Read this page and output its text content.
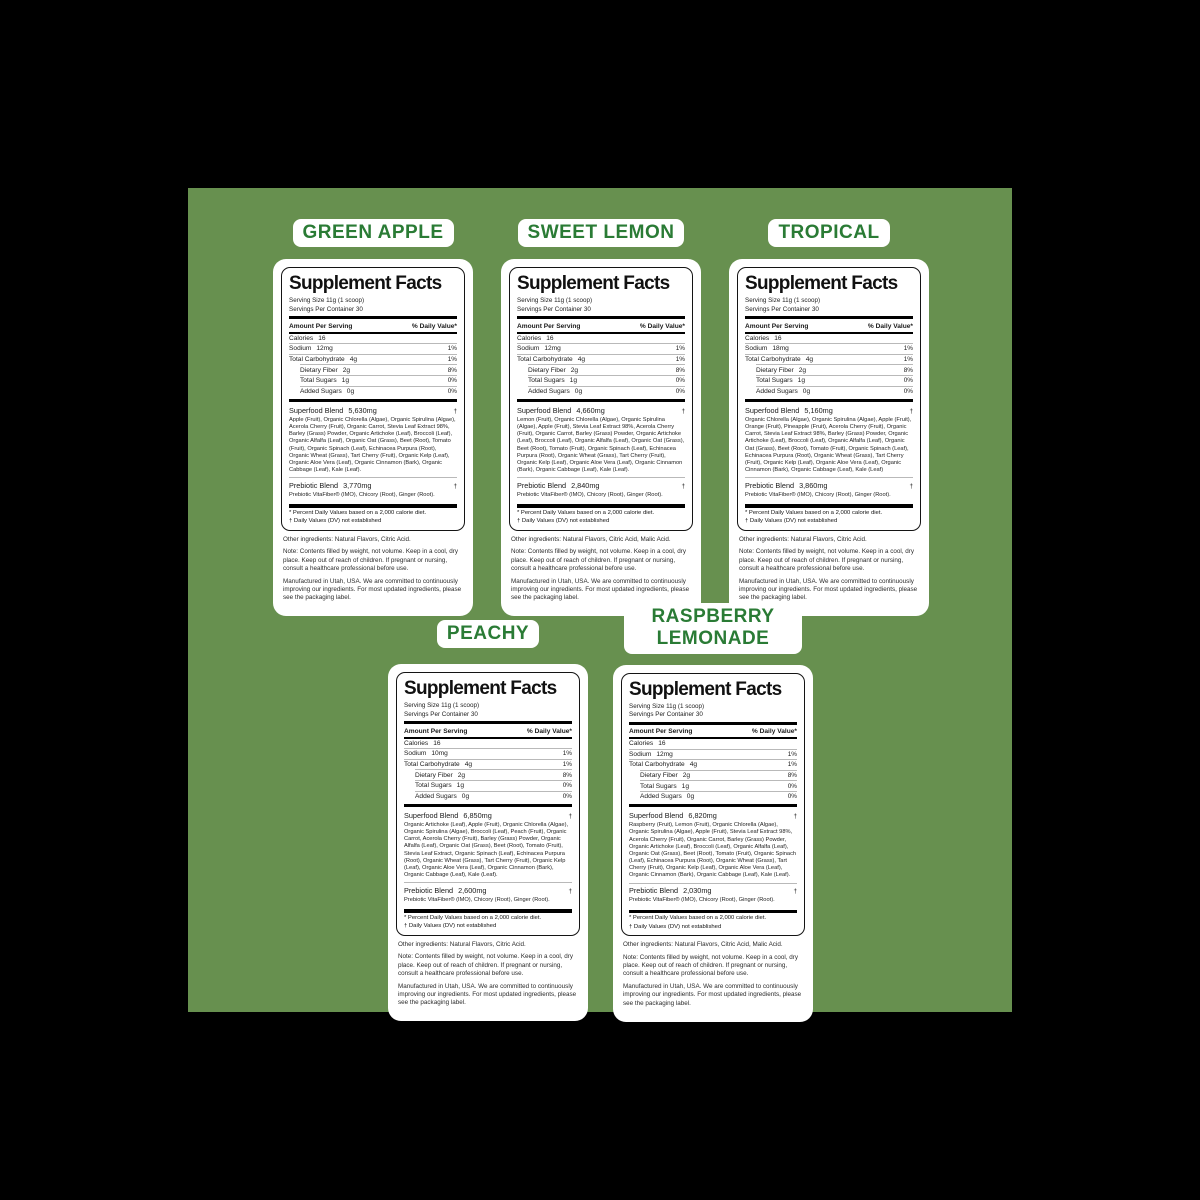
GREEN APPLE
Supplement Facts
Serving Size 11g (1 scoop)
Servings Per Container 30
Amount Per Serving	% Daily Value*
Calories 16
Sodium 12mg	1%
Total Carbohydrate 4g	1%
Dietary Fiber 2g	8%
Total Sugars 1g	0%
Added Sugars 0g	0%
Superfood Blend 5,630mg	†
Apple (Fruit), Organic Chlorella (Algae), Organic Spirulina (Algae), Acerola Cherry (Fruit), Organic Carrot, Stevia Leaf Extract 98%, Barley (Grass) Powder, Organic Artichoke (Leaf), Broccoli (Leaf), Organic Alfalfa (Leaf), Organic Oat (Grass), Beet (Root), Tomato (Fruit), Organic Spinach (Leaf), Echinacea Purpura (Root), Organic Wheat (Grass), Tart Cherry (Fruit), Organic Kelp (Leaf), Organic Aloe Vera (Leaf), Organic Cinnamon (Bark), Organic Cabbage (Leaf), Kale (Leaf).
Prebiotic Blend 3,770mg	†
Prebiotic VitaFiber® (IMO), Chicory (Root), Ginger (Root).
* Percent Daily Values based on a 2,000 calorie diet.
† Daily Values (DV) not established

Other ingredients: Natural Flavors, Citric Acid.

Note: Contents filled by weight, not volume. Keep in a cool, dry place. Keep out of reach of children. If pregnant or nursing, consult a healthcare professional before use.

Manufactured in Utah, USA. We are committed to continuously improving our ingredients. For most updated ingredients, please see the packaging label.

SWEET LEMON
Supplement Facts
Serving Size 11g (1 scoop)
Servings Per Container 30
Amount Per Serving	% Daily Value*
Calories 16
Sodium 12mg	1%
Total Carbohydrate 4g	1%
Dietary Fiber 2g	8%
Total Sugars 1g	0%
Added Sugars 0g	0%
Superfood Blend 4,660mg	†
Lemon (Fruit), Organic Chlorella (Algae), Organic Spirulina (Algae), Apple (Fruit), Stevia Leaf Extract 98%, Acerola Cherry (Fruit), Organic Carrot, Barley (Grass) Powder, Organic Artichoke (Leaf), Broccoli (Leaf), Organic Alfalfa (Leaf), Organic Oat (Grass), Beet (Root), Tomato (Fruit), Organic Spinach (Leaf), Echinacea Purpura (Root), Organic Wheat (Grass), Tart Cherry (Fruit), Organic Kelp (Leaf), Organic Aloe Vera (Leaf), Organic Cinnamon (Bark), Organic Cabbage (Leaf), Kale (Leaf).
Prebiotic Blend 2,840mg	†
Prebiotic VitaFiber® (IMO), Chicory (Root), Ginger (Root).
* Percent Daily Values based on a 2,000 calorie diet.
† Daily Values (DV) not established

Other ingredients: Natural Flavors, Citric Acid, Malic Acid.

Note: Contents filled by weight, not volume. Keep in a cool, dry place. Keep out of reach of children. If pregnant or nursing, consult a healthcare professional before use.

Manufactured in Utah, USA. We are committed to continuously improving our ingredients. For most updated ingredients, please see the packaging label.

TROPICAL
Supplement Facts
Serving Size 11g (1 scoop)
Servings Per Container 30
Amount Per Serving	% Daily Value*
Calories 16
Sodium 18mg	1%
Total Carbohydrate 4g	1%
Dietary Fiber 2g	8%
Total Sugars 1g	0%
Added Sugars 0g	0%
Superfood Blend 5,160mg	†
Organic Chlorella (Algae), Organic Spirulina (Algae), Apple (Fruit), Orange (Fruit), Pineapple (Fruit), Acerola Cherry (Fruit), Organic Carrot, Stevia Leaf Extract 98%, Barley (Grass) Powder, Organic Artichoke (Leaf), Broccoli (Leaf), Organic Alfalfa (Leaf), Organic Oat (Grass), Beet (Root), Tomato (Fruit), Organic Spinach (Leaf), Echinacea Purpura (Root), Organic Wheat (Grass), Tart Cherry (Fruit), Organic Kelp (Leaf), Organic Aloe Vera (Leaf), Organic Cinnamon (Bark), Organic Cabbage (Leaf), Kale (Leaf)
Prebiotic Blend 3,860mg	†
Prebiotic VitaFiber® (IMO), Chicory (Root), Ginger (Root).
* Percent Daily Values based on a 2,000 calorie diet.
† Daily Values (DV) not established

Other ingredients: Natural Flavors, Citric Acid.

Note: Contents filled by weight, not volume. Keep in a cool, dry place. Keep out of reach of children. If pregnant or nursing, consult a healthcare professional before use.

Manufactured in Utah, USA. We are committed to continuously improving our ingredients. For most updated ingredients, please see the packaging label.

PEACHY
Supplement Facts
Serving Size 11g (1 scoop)
Servings Per Container 30
Amount Per Serving	% Daily Value*
Calories 16
Sodium 10mg	1%
Total Carbohydrate 4g	1%
Dietary Fiber 2g	8%
Total Sugars 1g	0%
Added Sugars 0g	0%
Superfood Blend 6,850mg	†
Organic Artichoke (Leaf), Apple (Fruit), Organic Chlorella (Algae), Organic Spirulina (Algae), Broccoli (Leaf), Peach (Fruit), Organic Carrot, Acerola Cherry (Fruit), Barley (Grass) Powder, Organic Alfalfa (Leaf), Organic Oat (Grass), Beet (Root), Tomato (Fruit), Stevia Leaf Extract, Organic Spinach (Leaf), Echinacea Purpura (Root), Organic Wheat (Grass), Tart Cherry (Fruit), Organic Kelp (Leaf), Organic Aloe Vera (Leaf), Organic Cinnamon (Bark), Organic Cabbage (Leaf), Kale (Leaf).
Prebiotic Blend 2,600mg	†
Prebiotic VitaFiber® (IMO), Chicory (Root), Ginger (Root).
* Percent Daily Values based on a 2,000 calorie diet.
† Daily Values (DV) not established

Other ingredients: Natural Flavors, Citric Acid.

Note: Contents filled by weight, not volume. Keep in a cool, dry place. Keep out of reach of children. If pregnant or nursing, consult a healthcare professional before use.

Manufactured in Utah, USA. We are committed to continuously improving our ingredients. For most updated ingredients, please see the packaging label.

RASPBERRY LEMONADE
Supplement Facts
Serving Size 11g (1 scoop)
Servings Per Container 30
Amount Per Serving	% Daily Value*
Calories 16
Sodium 12mg	1%
Total Carbohydrate 4g	1%
Dietary Fiber 2g	8%
Total Sugars 1g	0%
Added Sugars 0g	0%
Superfood Blend 6,820mg	†
Raspberry (Fruit), Lemon (Fruit), Organic Chlorella (Algae), Organic Spirulina (Algae), Apple (Fruit), Stevia Leaf Extract 98%, Acerola Cherry (Fruit), Organic Carrot, Barley (Grass) Powder, Organic Artichoke (Leaf), Broccoli (Leaf), Organic Alfalfa (Leaf), Organic Oat (Grass), Beet (Root), Tomato (Fruit), Organic Spinach (Leaf), Echinacea Purpura (Root), Organic Wheat (Grass), Tart Cherry (Fruit), Organic Kelp (Leaf), Organic Aloe Vera (Leaf), Organic Cinnamon (Bark), Organic Cabbage (Leaf), Kale (Leaf).
Prebiotic Blend 2,030mg	†
Prebiotic VitaFiber® (IMO), Chicory (Root), Ginger (Root).
* Percent Daily Values based on a 2,000 calorie diet.
† Daily Values (DV) not established

Other ingredients: Natural Flavors, Citric Acid, Malic Acid.

Note: Contents filled by weight, not volume. Keep in a cool, dry place. Keep out of reach of children. If pregnant or nursing, consult a healthcare professional before use.

Manufactured in Utah, USA. We are committed to continuously improving our ingredients. For most updated ingredients, please see the packaging label.
